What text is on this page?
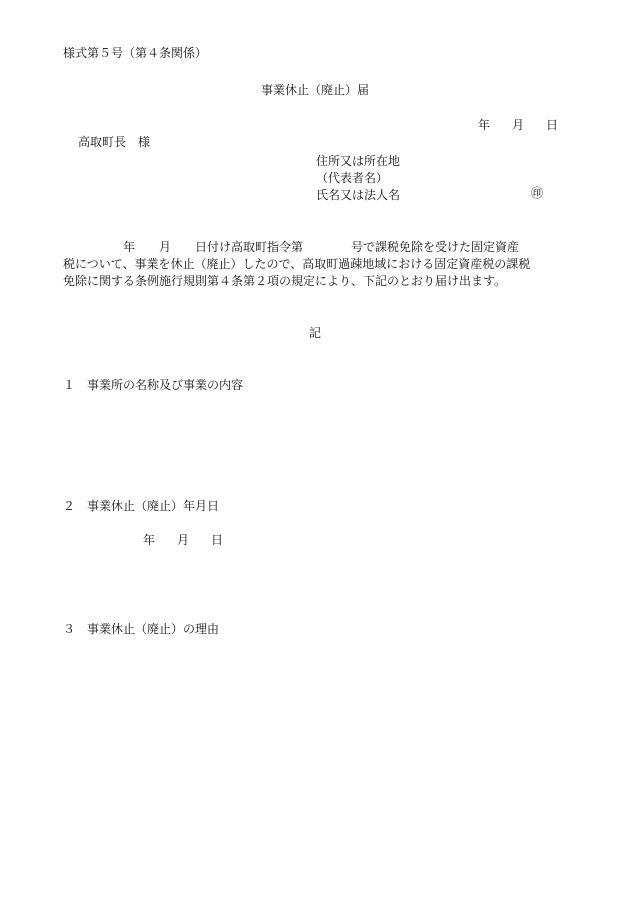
様式第５号（第４条関係）
事業休止（廃止）届
年 月 日
高取町長　様
住所又は所在地
（代表者名）
氏名又は法人名	㊞
　　　　　年　　月　　日付け高取町指令第　　　　号で課税免除を受けた固定資産
税について、事業を休止（廃止）したので、高取町過疎地域における固定資産税の課税
免除に関する条例施行規則第４条第２項の規定により、下記のとおり届け出ます。
記
１　事業所の名称及び事業の内容
２　事業休止（廃止）年月日
年 月 日
３　事業休止（廃止）の理由
